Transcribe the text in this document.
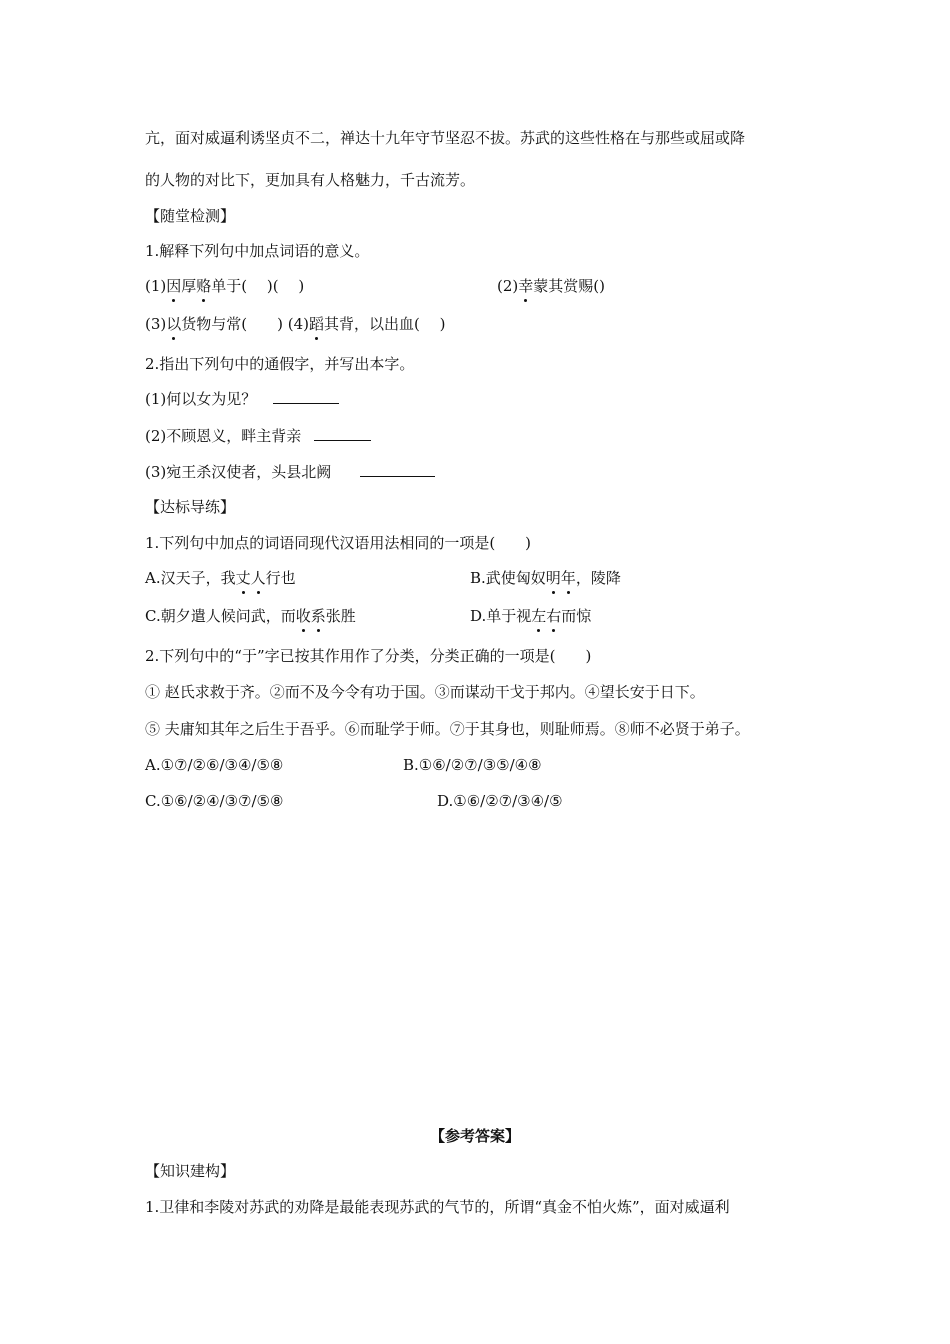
亢，面对威逼利诱坚贞不二，禅达十九年守节坚忍不拔。苏武的这些性格在与那些或屈或降
的人物的对比下，更加具有人格魅力，千古流芳。
【随堂检测】
1.解释下列句中加点词语的意义。
(1)因厚赂单于(　 )(　 )	(2)幸蒙其赏赐()
(3)以货物与常(　　) (4)蹈其背，以出血(　 )
2.指出下列句中的通假字，并写出本字。
(1)何以女为见？
(2)不顾恩义，畔主背亲
(3)宛王杀汉使者，头县北阙
【达标导练】
1.下列句中加点的词语同现代汉语用法相同的一项是(　　)
A.汉天子，我丈人行也	B.武使匈奴明年，陵降
C.朝夕遣人候问武，而收系张胜	D.单于视左右而惊
2.下列句中的“于”字已按其作用作了分类，分类正确的一项是(　　)
① 赵氏求救于齐。②而不及今令有功于国。③而谋动干戈于邦内。④望长安于日下。
⑤ 夫庸知其年之后生于吾乎。⑥而耻学于师。⑦于其身也，则耻师焉。⑧师不必贤于弟子。
A.①⑦/②⑥/③④/⑤⑧	B.①⑥/②⑦/③⑤/④⑧
C.①⑥/②④/③⑦/⑤⑧	D.①⑥/②⑦/③④/⑤
【参考答案】
【知识建构】
1.卫律和李陵对苏武的劝降是最能表现苏武的气节的，所谓“真金不怕火炼”，面对威逼利
